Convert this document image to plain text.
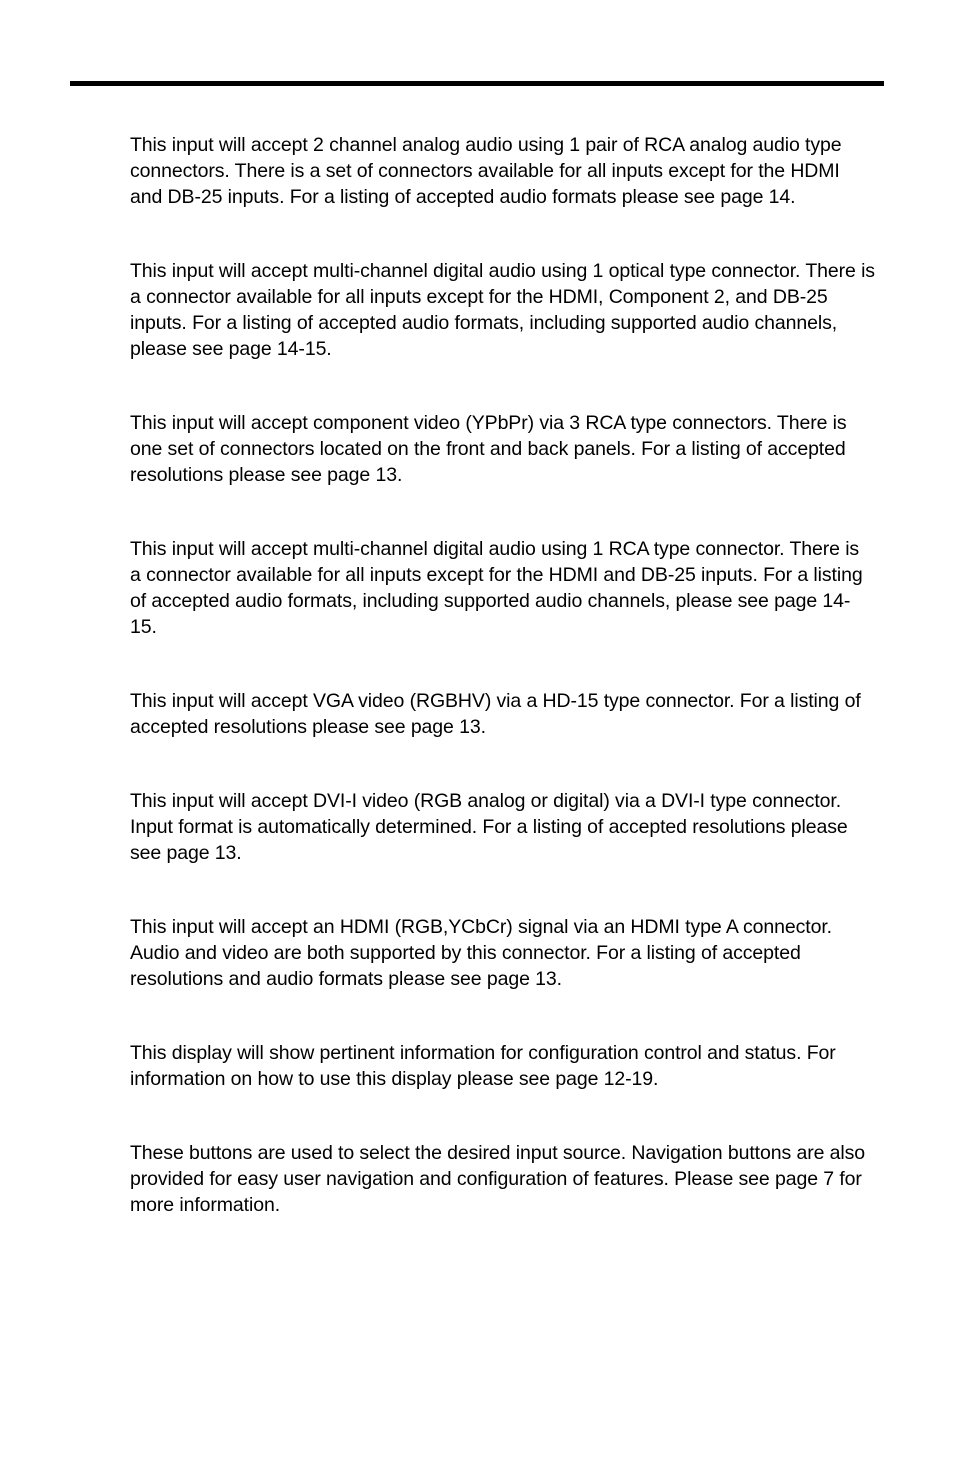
This input will accept 2 channel analog audio using 1 pair of RCA analog audio type connectors. There is a set of connectors available for all inputs except for the HDMI and DB-25 inputs. For a listing of accepted audio formats please see page 14.

This input will accept multi-channel digital audio using 1 optical type connector. There is a connector available for all inputs except for the HDMI, Component 2, and DB-25 inputs. For a listing of accepted audio formats, including supported audio channels, please see page 14-15.

This input will accept component video (YPbPr) via 3 RCA type connectors. There is one set of connectors located on the front and back panels. For a listing of accepted resolutions please see page 13.

This input will accept multi-channel digital audio using 1 RCA type connector. There is a connector available for all inputs except for the HDMI and DB-25 inputs. For a listing of accepted audio formats, including supported audio channels, please see page 14-15.

This input will accept VGA video (RGBHV) via a HD-15 type connector. For a listing of accepted resolutions please see page 13.

This input will accept DVI-I video (RGB analog or digital) via a DVI-I type connector. Input format is automatically determined. For a listing of accepted resolutions please see page 13.

This input will accept an HDMI (RGB,YCbCr) signal via an HDMI type A connector. Audio and video are both supported by this connector. For a listing of accepted resolutions and audio formats please see page 13.

This display will show pertinent information for configuration control and status. For information on how to use this display please see page 12-19.

These buttons are used to select the desired input source. Navigation buttons are also provided for easy user navigation and configuration of features. Please see page 7 for more information.
